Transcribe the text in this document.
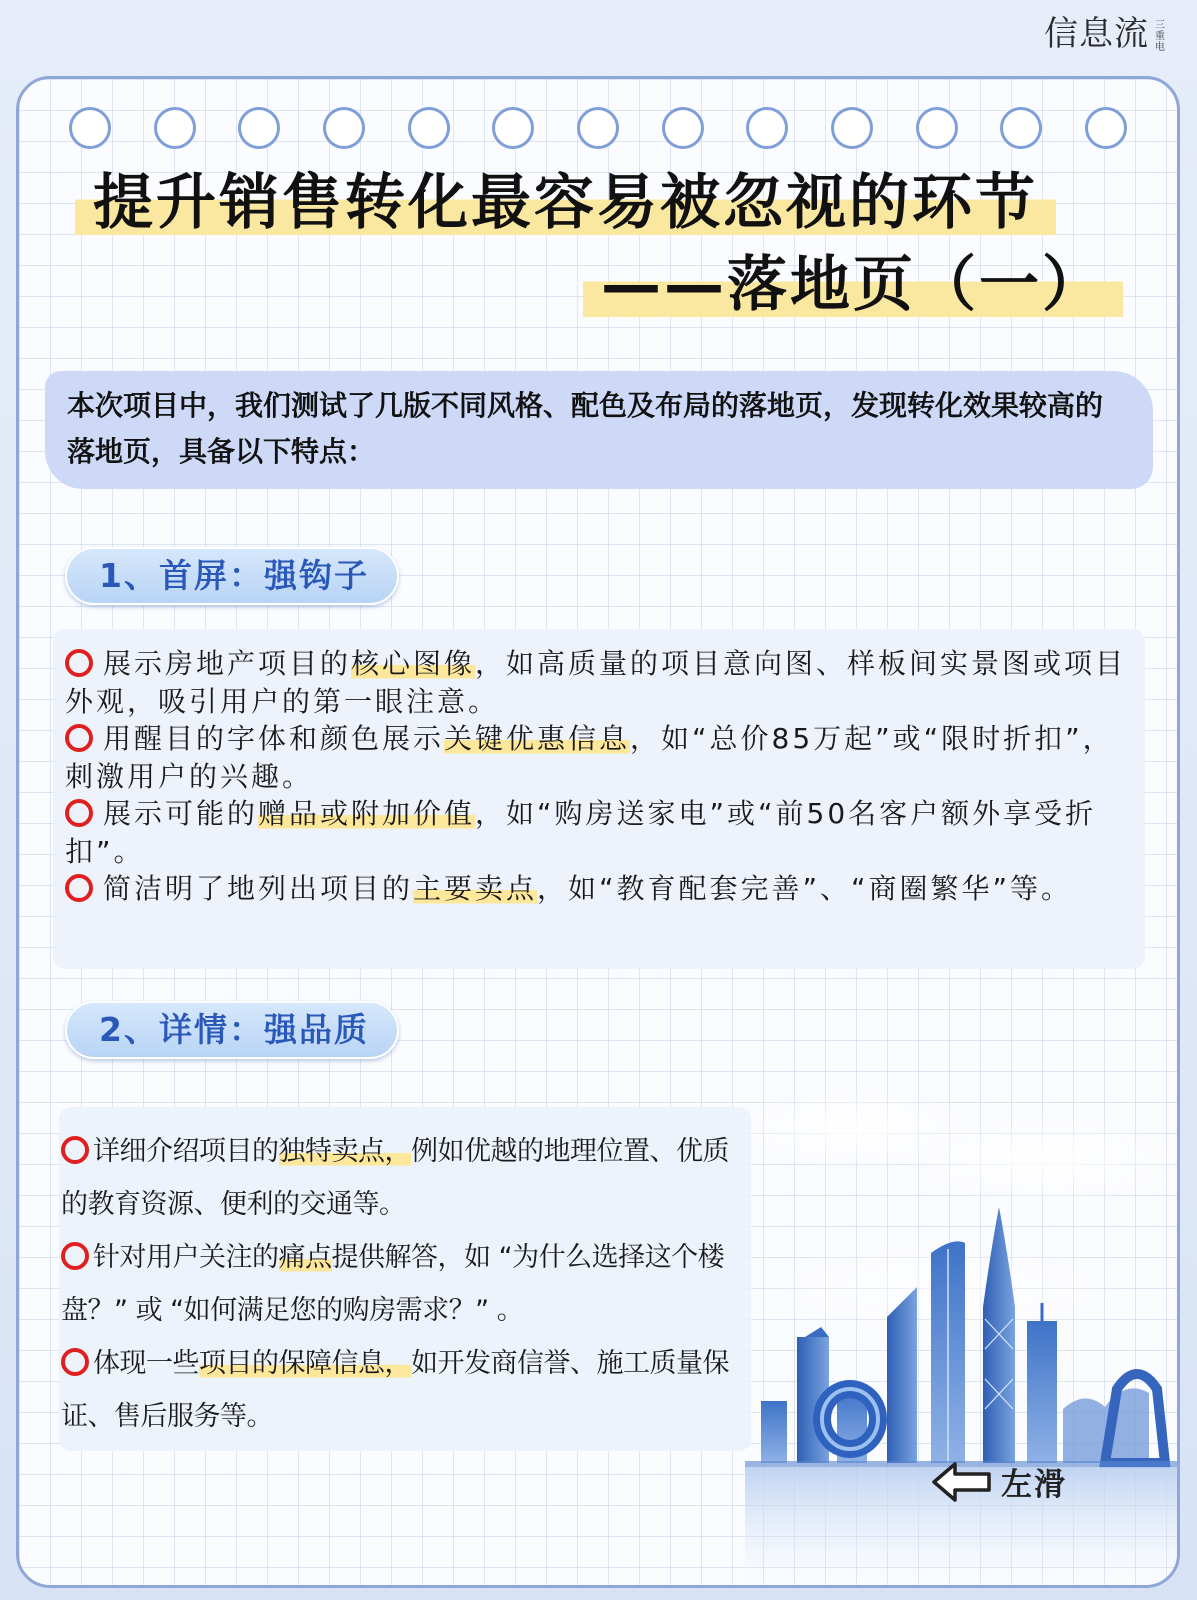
信息流 三
重
电
提升销售转化最容易被忽视的环节
——落地页（一）
本次项目中，我们测试了几版不同风格、配色及布局的落地页，发现转化效果较高的落地页，具备以下特点：
1、首屏：强钩子
展示房地产项目的核心图像，如高质量的项目意向图、样板间实景图或项目外观，吸引用户的第一眼注意。
用醒目的字体和颜色展示关键优惠信息，如“总价85万起”或“限时折扣”，刺激用户的兴趣。
展示可能的赠品或附加价值，如“购房送家电”或“前50名客户额外享受折扣”。
简洁明了地列出项目的主要卖点，如“教育配套完善”、“商圈繁华”等。
2、详情：强品质
详细介绍项目的独特卖点，例如优越的地理位置、优质的教育资源、便利的交通等。
针对用户关注的痛点提供解答，如 “为什么选择这个楼盘？” 或 “如何满足您的购房需求？” 。
体现一些项目的保障信息，如开发商信誉、施工质量保证、售后服务等。
左滑
